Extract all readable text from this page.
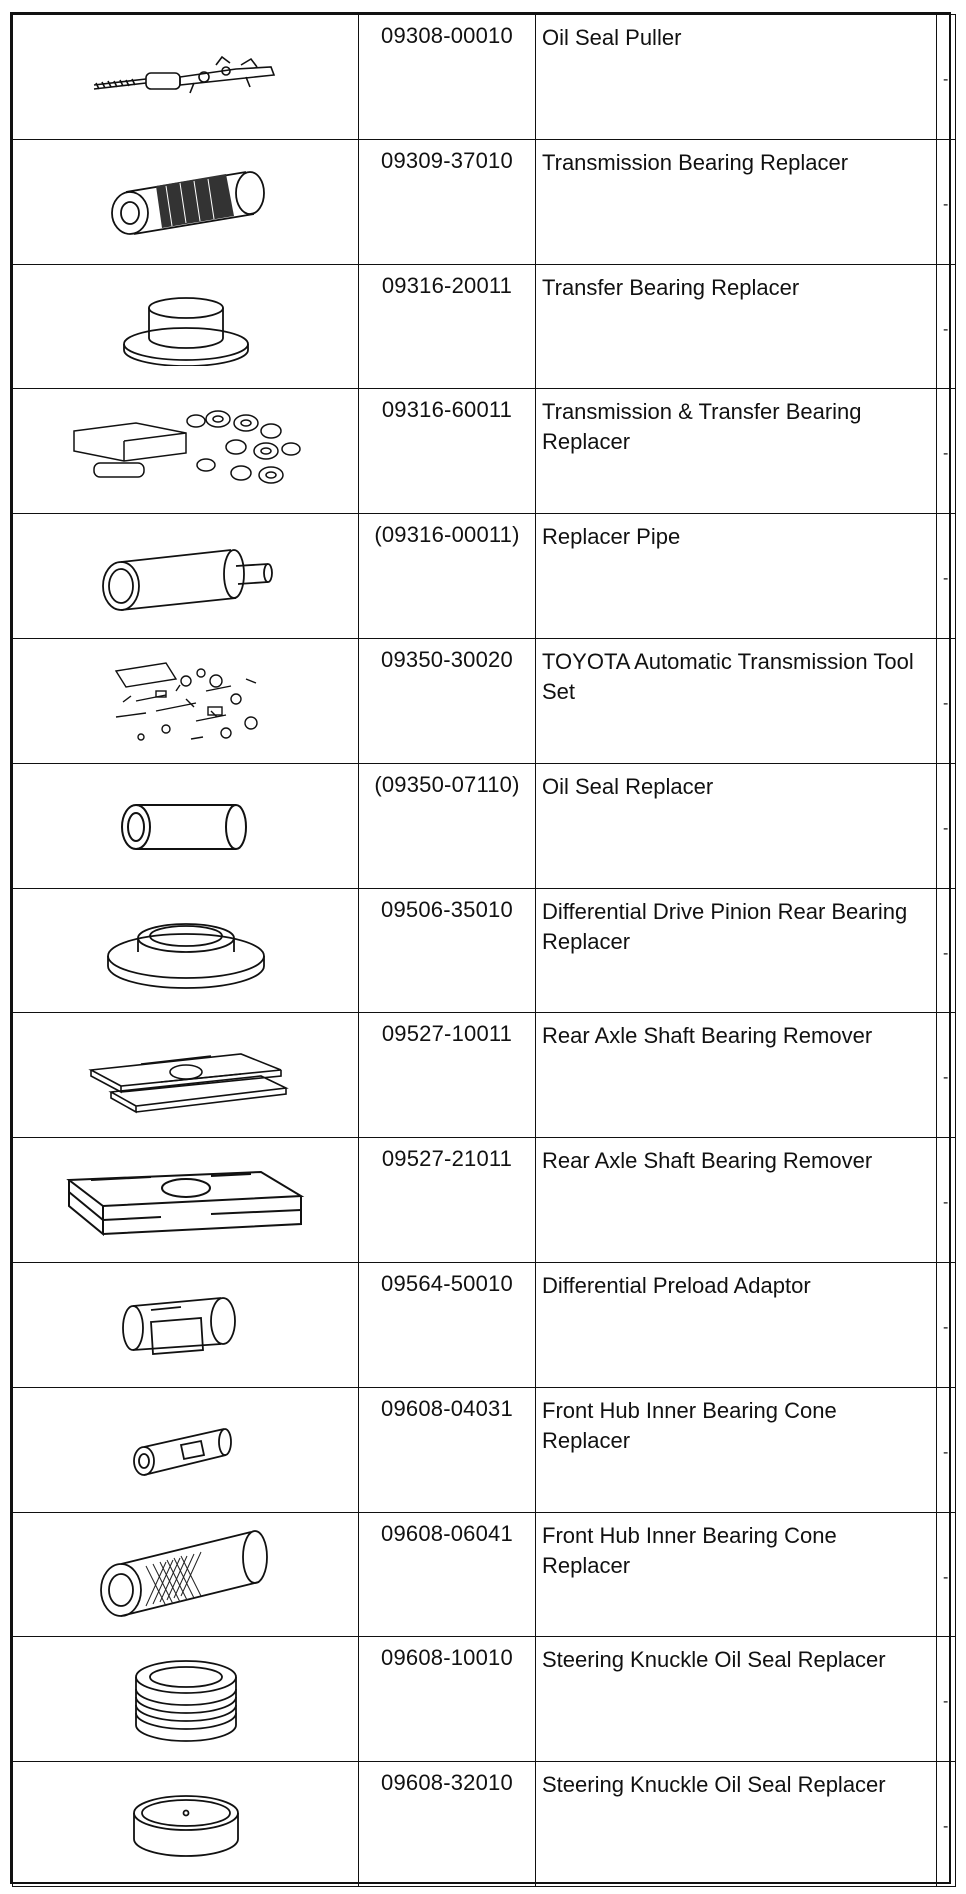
09308-00010	Oil Seal Puller	-

09309-37010	Transmission Bearing Replacer	-

09316-20011	Transfer Bearing Replacer	-

09316-60011	Transmission & Transfer Bearing Replacer	-

(09316-00011)	Replacer Pipe	-

09350-30020	TOYOTA Automatic Transmission Tool Set	-

(09350-07110)	Oil Seal Replacer	-

09506-35010	Differential Drive Pinion Rear Bearing Replacer	-

09527-10011	Rear Axle Shaft Bearing Remover	-

09527-21011	Rear Axle Shaft Bearing Remover	-

09564-50010	Differential Preload Adaptor	-

09608-04031	Front Hub Inner Bearing Cone Replacer	-

09608-06041	Front Hub Inner Bearing Cone Replacer	-

09608-10010	Steering Knuckle Oil Seal Replacer	-

09608-32010	Steering Knuckle Oil Seal Replacer	-
